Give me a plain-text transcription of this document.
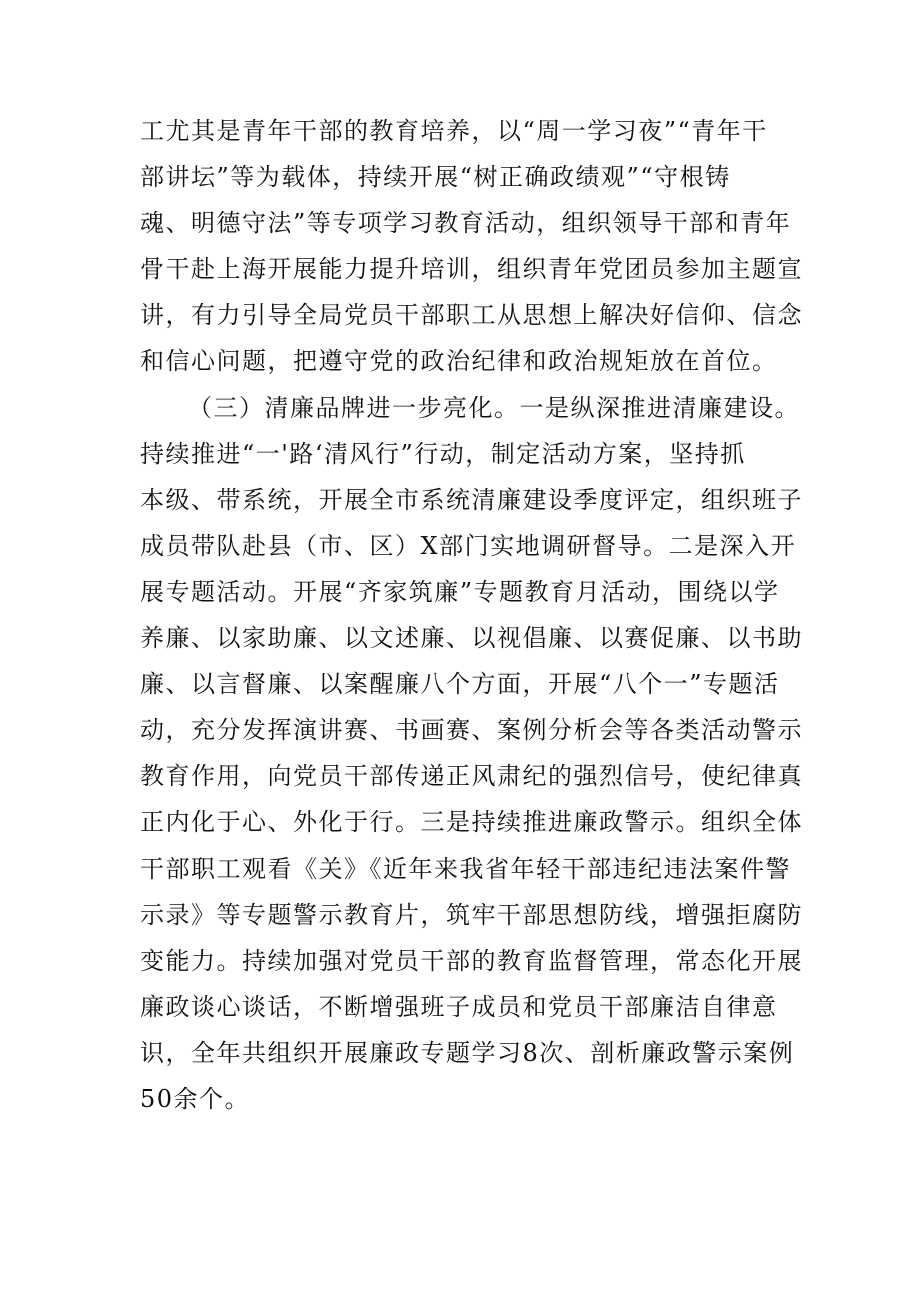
工尤其是青年干部的教育培养，以“周一学习夜”“青年干
部讲坛”等为载体，持续开展“树正确政绩观”“守根铸
魂、明德守法”等专项学习教育活动，组织领导干部和青年
骨干赴上海开展能力提升培训，组织青年党团员参加主题宣
讲，有力引导全局党员干部职工从思想上解决好信仰、信念
和信心问题，把遵守党的政治纪律和政治规矩放在首位。
（三）清廉品牌进一步亮化。一是纵深推进清廉建设。
持续推进“一'路‘清风行”行动，制定活动方案，坚持抓
本级、带系统，开展全市系统清廉建设季度评定，组织班子
成员带队赴县（市、区）X部门实地调研督导。二是深入开
展专题活动。开展“齐家筑廉”专题教育月活动，围绕以学
养廉、以家助廉、以文述廉、以视倡廉、以赛促廉、以书助
廉、以言督廉、以案醒廉八个方面，开展“八个一”专题活
动，充分发挥演讲赛、书画赛、案例分析会等各类活动警示
教育作用，向党员干部传递正风肃纪的强烈信号，使纪律真
正内化于心、外化于行。三是持续推进廉政警示。组织全体
干部职工观看《关》《近年来我省年轻干部违纪违法案件警
示录》等专题警示教育片，筑牢干部思想防线，增强拒腐防
变能力。持续加强对党员干部的教育监督管理，常态化开展
廉政谈心谈话，不断增强班子成员和党员干部廉洁自律意
识，全年共组织开展廉政专题学习8次、剖析廉政警示案例
50余个。
